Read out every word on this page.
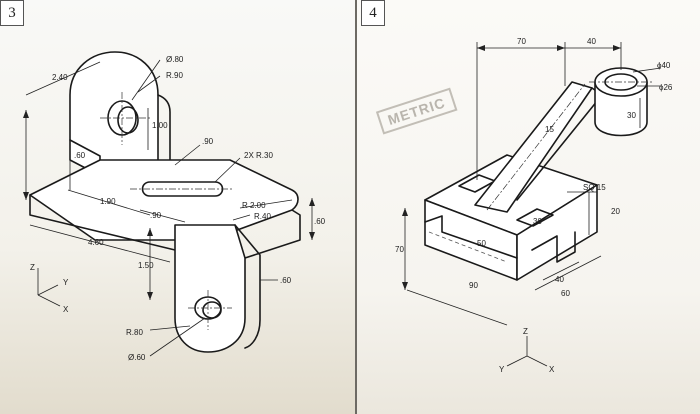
3
2.40
Ø.80
R.90
1.00
.60
.90
2X R.30
1.90
.90
R 2.00
R.40
.60
4.60
1.50
.60
R.80
Ø.60
Z
Y
X
4
METRIC
70	40
ϕ40
ϕ26
30
15
SQ 15
20
30
50
70
90
40
60
Z
Y	X
